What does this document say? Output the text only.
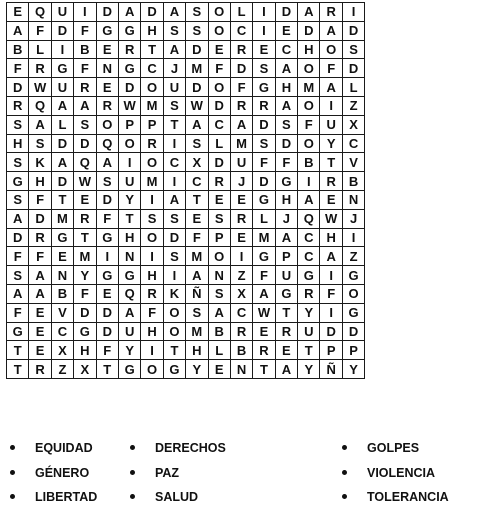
E	Q	U	I	D	A	D	A	S	O	L	I	D	A	R	I
A	F	D	F	G	G	H	S	S	O	C	I	E	D	A	D
B	L	I	B	E	R	T	A	D	E	R	E	C	H	O	S
F	R	G	F	N	G	C	J	M	F	D	S	A	O	F	D
D	W	U	R	E	D	O	U	D	O	F	G	H	M	A	L
R	Q	A	A	R	W	M	S	W	D	R	R	A	O	I	Z
S	A	L	S	O	P	P	T	A	C	A	D	S	F	U	X
H	S	D	D	Q	O	R	I	S	L	M	S	D	O	Y	C
S	K	A	Q	A	I	O	C	X	D	U	F	F	B	T	V
G	H	D	W	S	U	M	I	C	R	J	D	G	I	R	B
S	F	T	E	D	Y	I	A	T	E	E	G	H	A	E	N
A	D	M	R	F	T	S	S	E	S	R	L	J	Q	W	J
D	R	G	T	G	H	O	D	F	P	E	M	A	C	H	I
F	F	E	M	I	N	I	S	M	O	I	G	P	C	A	Z
S	A	N	Y	G	G	H	I	A	N	Z	F	U	G	I	G
A	A	B	F	E	Q	R	K	Ñ	S	X	A	G	R	F	O
F	E	V	D	D	A	F	O	S	A	C	W	T	Y	I	G
G	E	C	G	D	U	H	O	M	B	R	E	R	U	D	D
T	E	X	H	F	Y	I	T	H	L	B	R	E	T	P	P
T	R	Z	X	T	G	O	G	Y	E	N	T	A	Y	Ñ	Y
EQUIDAD
GÉNERO
LIBERTAD
DERECHOS
PAZ
SALUD
GOLPES
VIOLENCIA
TOLERANCIA
